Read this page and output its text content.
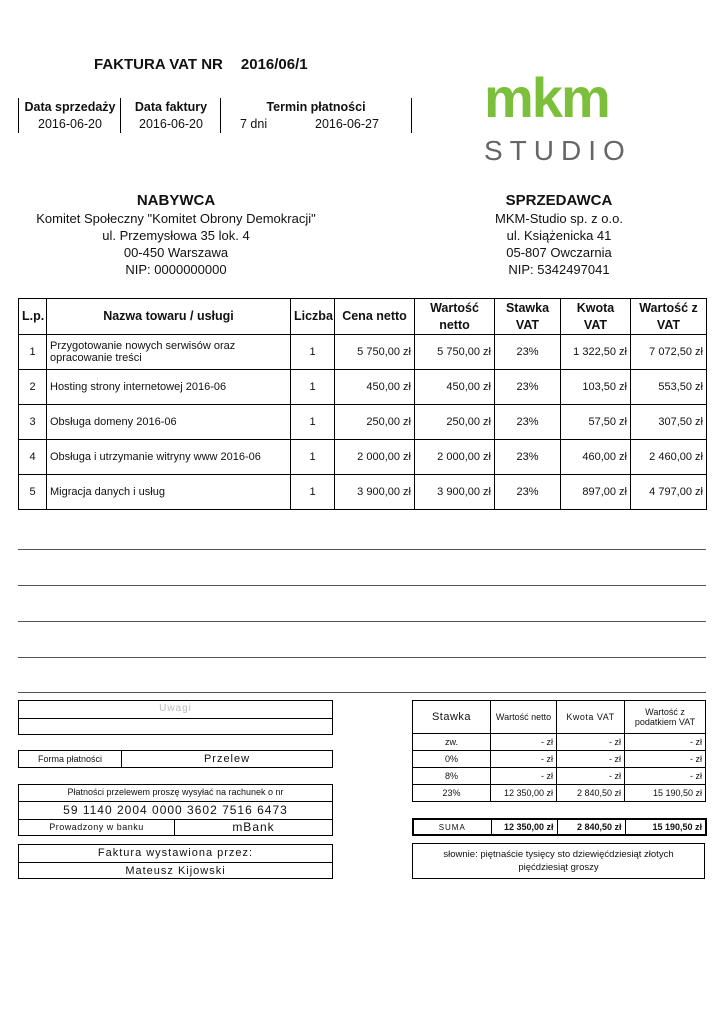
FAKTURA VAT NR 2016/06/1
Data sprzedaży
2016-06-20
Data faktury
2016-06-20
Termin płatności
7 dni	2016-06-27 mkm
STUDIO
NABYWCA
Komitet Społeczny "Komitet Obrony Demokracji"
ul. Przemysłowa 35 lok. 4
00-450 Warszawa
NIP: 0000000000
SPRZEDAWCA
MKM-Studio sp. z o.o.
ul. Książenicka 41
05-807 Owczarnia
NIP: 5342497041
L.p.	Nazwa towaru / usługi	Liczba	Cena netto	Wartość netto	Stawka VAT	Kwota VAT	Wartość z VAT
1	Przygotowanie nowych serwisów oraz opracowanie treści	1	5 750,00 zł	5 750,00 zł	23%	1 322,50 zł	7 072,50 zł
2	Hosting strony internetowej 2016-06	1	450,00 zł	450,00 zł	23%	103,50 zł	553,50 zł
3	Obsługa domeny 2016-06	1	250,00 zł	250,00 zł	23%	57,50 zł	307,50 zł
4	Obsługa i utrzymanie witryny www 2016-06	1	2 000,00 zł	2 000,00 zł	23%	460,00 zł	2 460,00 zł
5	Migracja danych i usług	1	3 900,00 zł	3 900,00 zł	23%	897,00 zł	4 797,00 zł
Uwagi
Forma płatności	Przelew
Płatności przelewem proszę wysyłać na rachunek o nr
59 1140 2004 0000 3602 7516 6473
Prowadzony w banku	mBank
Faktura wystawiona przez:
Mateusz Kijowski
Stawka	Wartość netto	Kwota VAT	Wartość z podatkiem VAT
zw.	- zł	- zł	- zł
0%	- zł	- zł	- zł
8%	- zł	- zł	- zł
23%	12 350,00 zł	2 840,50 zł	15 190,50 zł
SUMA	12 350,00 zł	2 840,50 zł	15 190,50 zł
słownie: piętnaście tysięcy sto dziewięćdziesiąt złotych pięćdziesiąt groszy
